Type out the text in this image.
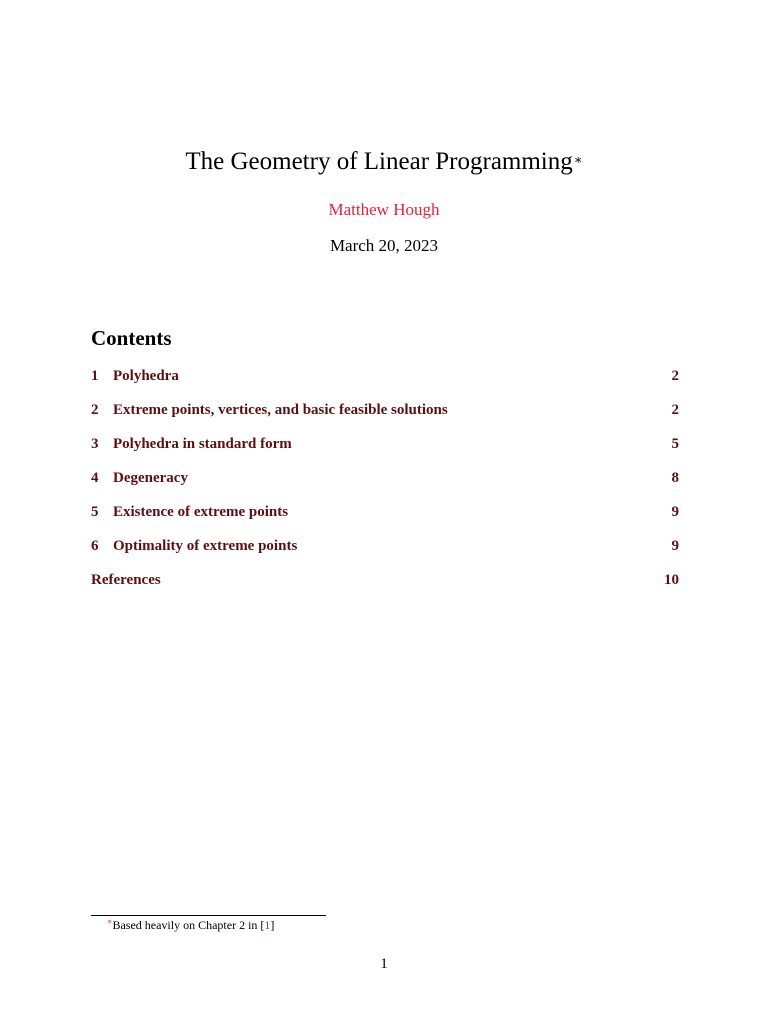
The Geometry of Linear Programming∗
Matthew Hough
March 20, 2023
Contents
1 Polyhedra	2
2 Extreme points, vertices, and basic feasible solutions	2
3 Polyhedra in standard form	5
4 Degeneracy	8
5 Existence of extreme points	9
6 Optimality of extreme points	9
References	10
∗Based heavily on Chapter 2 in [1]
1
